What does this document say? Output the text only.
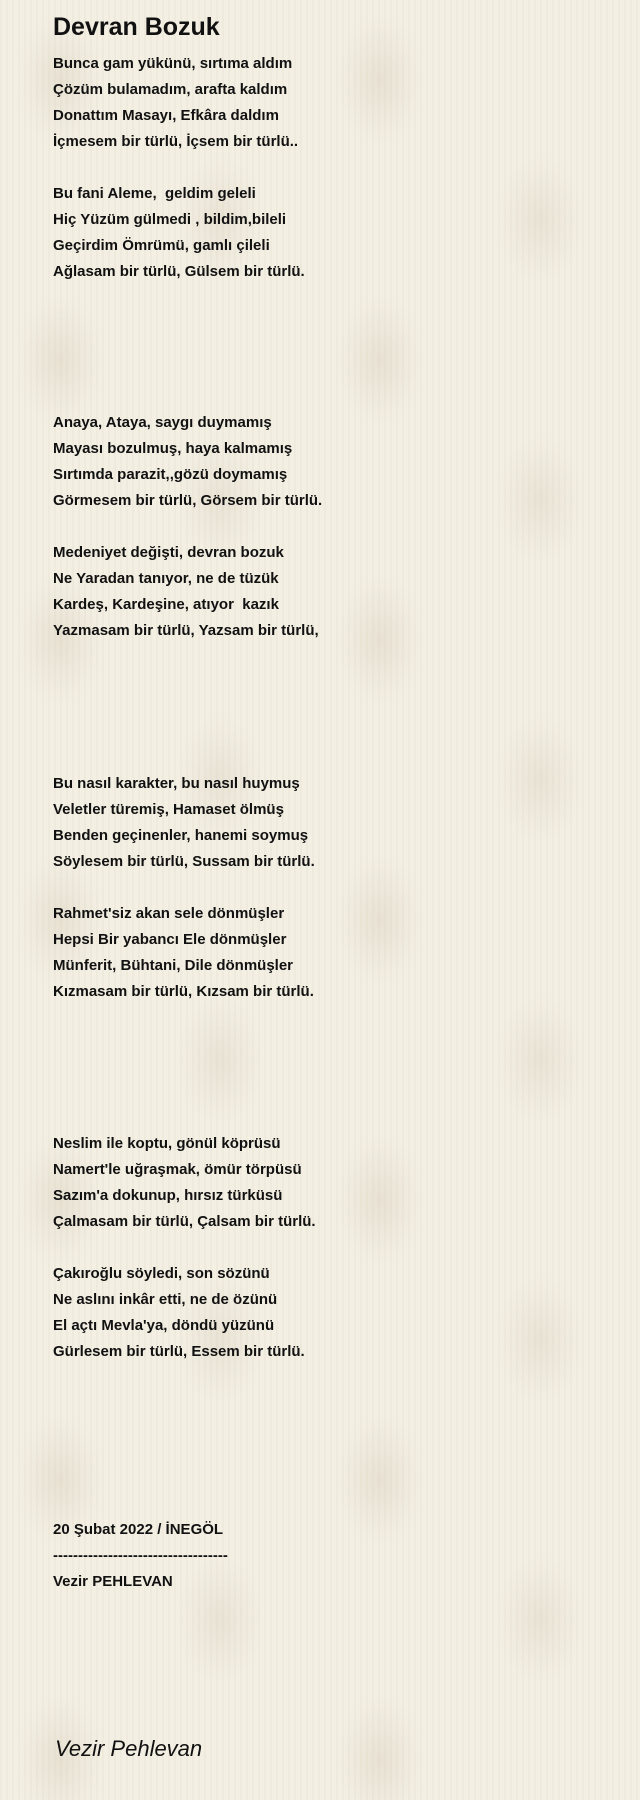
Devran Bozuk
Bunca gam yükünü, sırtıma aldım
Çözüm bulamadım, arafta kaldım
Donattım Masayı, Efkâra daldım
İçmesem bir türlü, İçsem bir türlü..
Bu fani Aleme,  geldim geleli
Hiç Yüzüm gülmedi , bildim,bileli
Geçirdim Ömrümü, gamlı çileli
Ağlasam bir türlü, Gülsem bir türlü.
Anaya, Ataya, saygı duymamış
Mayası bozulmuş, haya kalmamış
Sırtımda parazit,,gözü doymamış
Görmesem bir türlü, Görsem bir türlü.
Medeniyet değişti, devran bozuk
Ne Yaradan tanıyor, ne de tüzük
Kardeş, Kardeşine, atıyor  kazık
Yazmasam bir türlü, Yazsam bir türlü,
Bu nasıl karakter, bu nasıl huymuş
Veletler türemiş, Hamaset ölmüş
Benden geçinenler, hanemi soymuş
Söylesem bir türlü, Sussam bir türlü.
Rahmet'siz akan sele dönmüşler
Hepsi Bir yabancı Ele dönmüşler
Münferit, Bühtani, Dile dönmüşler
Kızmasam bir türlü, Kızsam bir türlü.
Neslim ile koptu, gönül köprüsü
Namert'le uğraşmak, ömür törpüsü
Sazım'a dokunup, hırsız türküsü
Çalmasam bir türlü, Çalsam bir türlü.
Çakıroğlu söyledi, son sözünü
Ne aslını inkâr etti, ne de özünü
El açtı Mevla'ya, döndü yüzünü
Gürlesem bir türlü, Essem bir türlü.
20 Şubat 2022 / İNEGÖL
-----------------------------------
Vezir PEHLEVAN
Vezir Pehlevan
